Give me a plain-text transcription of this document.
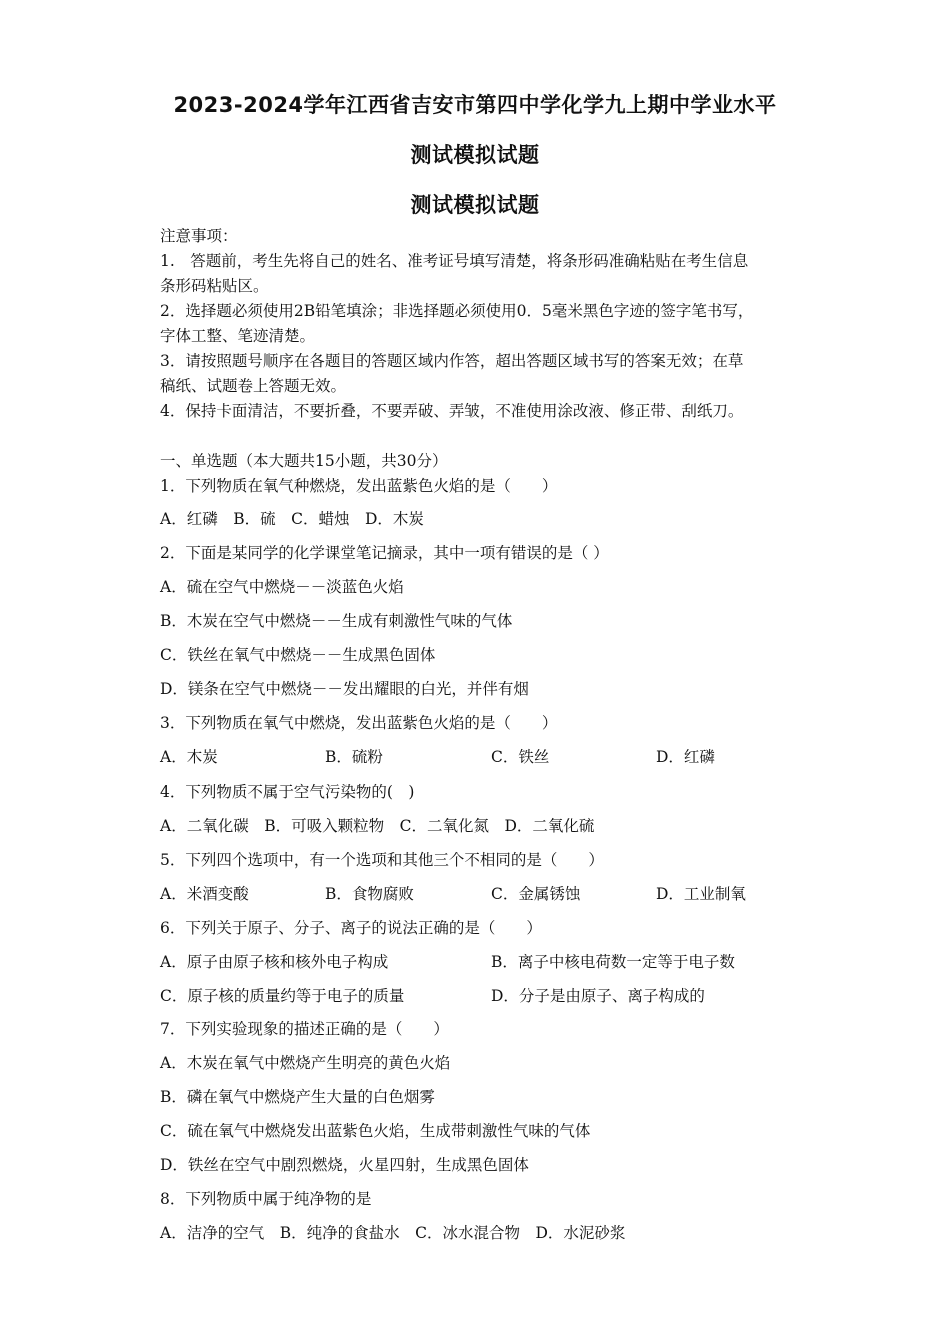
2023-2024学年江西省吉安市第四中学化学九上期中学业水平
测试模拟试题
测试模拟试题
注意事项：
1.　答题前，考生先将自己的姓名、准考证号填写清楚，将条形码准确粘贴在考生信息
条形码粘贴区。
2．选择题必须使用2B铅笔填涂；非选择题必须使用0．5毫米黑色字迹的签字笔书写，
字体工整、笔迹清楚。
3．请按照题号顺序在各题目的答题区域内作答，超出答题区域书写的答案无效；在草
稿纸、试题卷上答题无效。
4．保持卡面清洁，不要折叠，不要弄破、弄皱，不准使用涂改液、修正带、刮纸刀。
一、单选题（本大题共15小题，共30分）
1．下列物质在氧气种燃烧，发出蓝紫色火焰的是（　　）
A．红磷　B．硫　C．蜡烛　D．木炭
2．下面是某同学的化学课堂笔记摘录，其中一项有错误的是（ ）
A．硫在空气中燃烧－－淡蓝色火焰
B．木炭在空气中燃烧－－生成有刺激性气味的气体
C．铁丝在氧气中燃烧－－生成黑色固体
D．镁条在空气中燃烧－－发出耀眼的白光，并伴有烟
3．下列物质在氧气中燃烧，发出蓝紫色火焰的是（　　）
A．木炭	B．硫粉	C．铁丝	D．红磷
4．下列物质不属于空气污染物的(　)
A．二氧化碳　B．可吸入颗粒物　C．二氧化氮　D．二氧化硫
5．下列四个选项中，有一个选项和其他三个不相同的是（　　）
A．米酒变酸	B．食物腐败	C．金属锈蚀	D．工业制氧
6．下列关于原子、分子、离子的说法正确的是（　　）
A．原子由原子核和核外电子构成	B．离子中核电荷数一定等于电子数
C．原子核的质量约等于电子的质量	D．分子是由原子、离子构成的
7．下列实验现象的描述正确的是（　　）
A．木炭在氧气中燃烧产生明亮的黄色火焰
B．磷在氧气中燃烧产生大量的白色烟雾
C．硫在氧气中燃烧发出蓝紫色火焰，生成带刺激性气味的气体
D．铁丝在空气中剧烈燃烧，火星四射，生成黑色固体
8．下列物质中属于纯净物的是
A．洁净的空气　B．纯净的食盐水　C．冰水混合物　D．水泥砂浆
